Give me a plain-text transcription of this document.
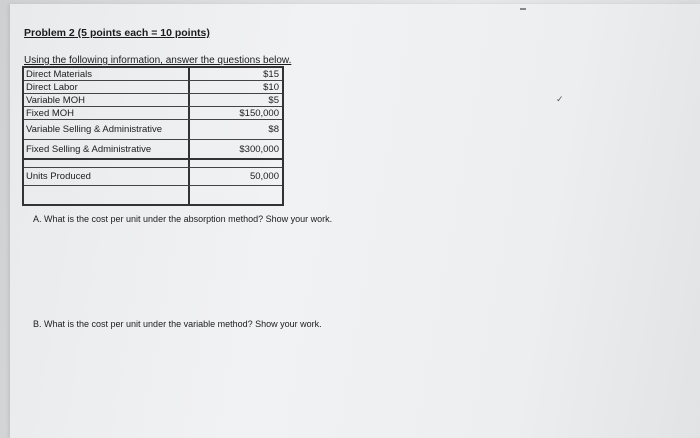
Problem 2 (5 points each = 10 points)
Using the following information, answer the questions below.
Direct Materials	$15
Direct Labor	$10
Variable MOH	$5
Fixed MOH	$150,000
Variable Selling & Administrative	$8
Fixed Selling & Administrative	$300,000
Units Produced	50,000
A. What is the cost per unit under the absorption method? Show your work.
B. What is the cost per unit under the variable method? Show your work.
✓
